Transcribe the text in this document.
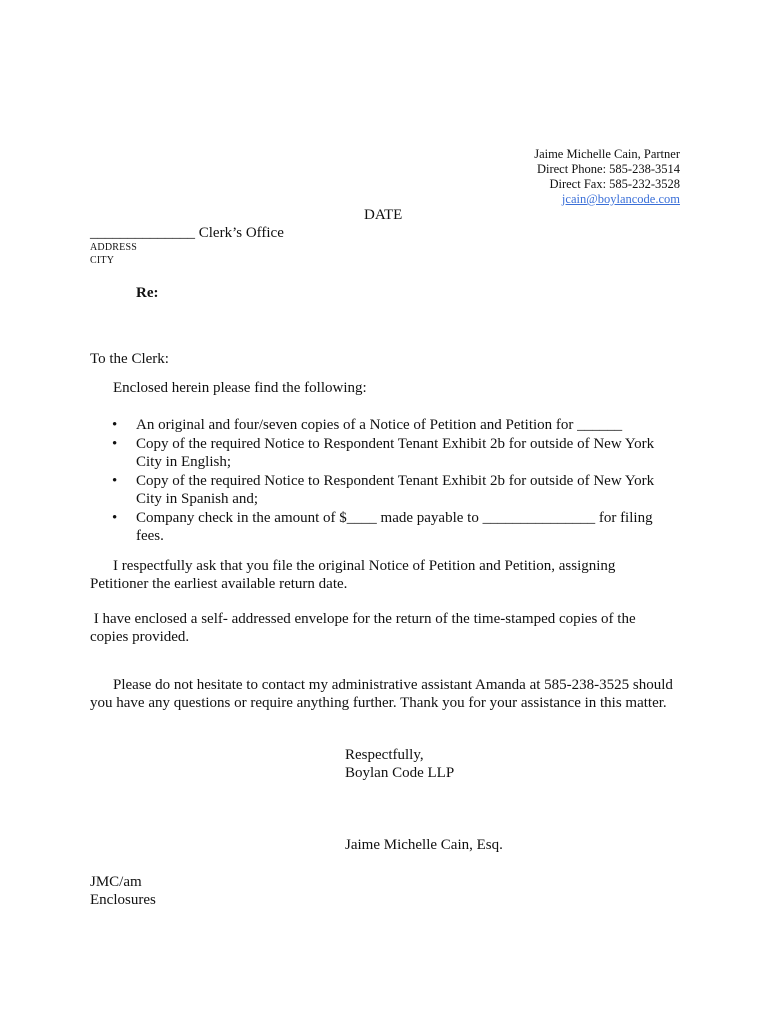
Jaime Michelle Cain, Partner
Direct Phone: 585-238-3514
Direct Fax: 585-232-3528
jcain@boylancode.com
DATE
______________ Clerk’s Office
ADDRESS
CITY
Re:
To the Clerk:
Enclosed herein please find the following:
• An original and four/seven copies of a Notice of Petition and Petition for ______
• Copy of the required Notice to Respondent Tenant Exhibit 2b for outside of New York
City in English;
• Copy of the required Notice to Respondent Tenant Exhibit 2b for outside of New York
City in Spanish and;
• Company check in the amount of $____ made payable to _______________ for filing
fees.
I respectfully ask that you file the original Notice of Petition and Petition, assigning
Petitioner the earliest available return date.
I have enclosed a self- addressed envelope for the return of the time-stamped copies of the
copies provided.
Please do not hesitate to contact my administrative assistant Amanda at 585-238-3525 should
you have any questions or require anything further. Thank you for your assistance in this matter.
Respectfully,
Boylan Code LLP
Jaime Michelle Cain, Esq.
JMC/am
Enclosures
